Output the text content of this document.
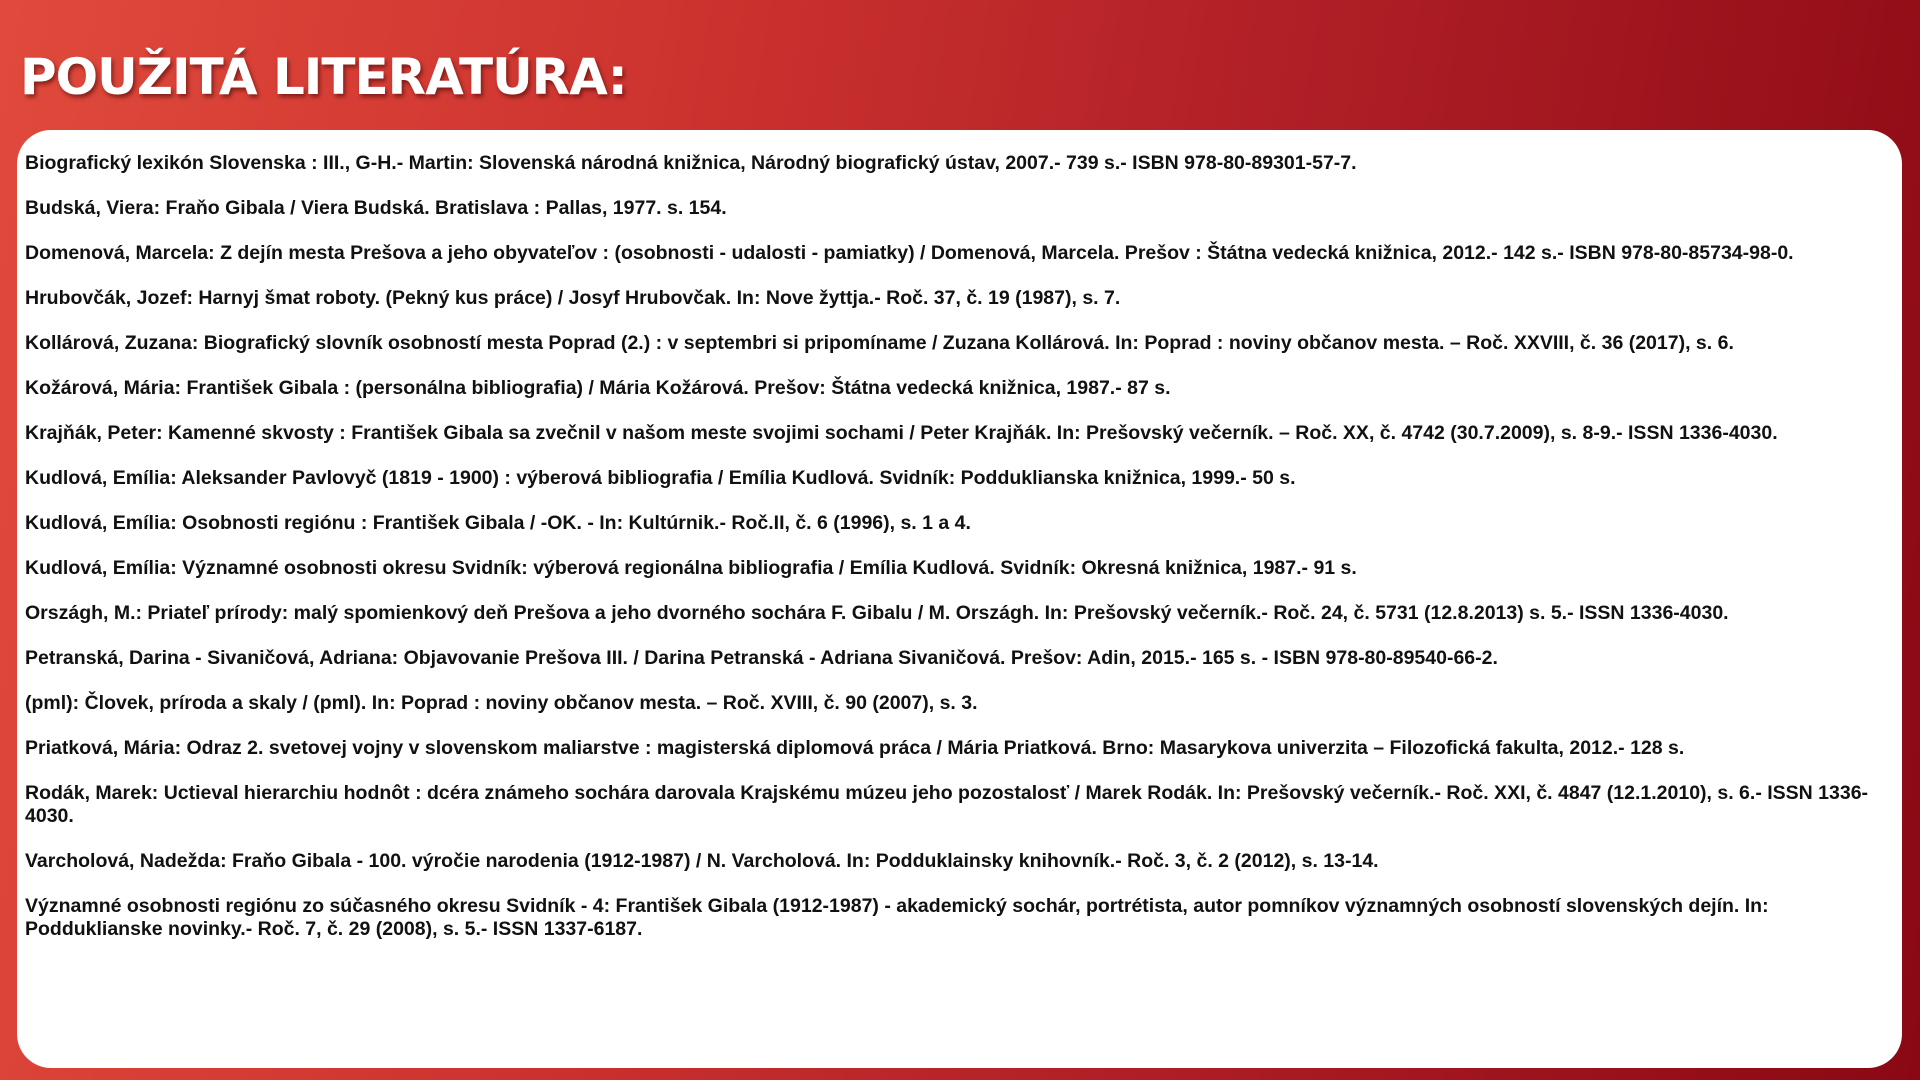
POUŽITÁ LITERATÚRA:
Biografický lexikón Slovenska : III., G-H.- Martin: Slovenská národná knižnica, Národný biografický ústav, 2007.- 739 s.- ISBN 978-80-89301-57-7.
Budská, Viera: Fraňo Gibala / Viera Budská. Bratislava : Pallas, 1977. s. 154.
Domenová, Marcela: Z dejín mesta Prešova a jeho obyvateľov : (osobnosti - udalosti - pamiatky) / Domenová, Marcela. Prešov : Štátna vedecká knižnica, 2012.- 142 s.- ISBN 978-80-85734-98-0.
Hrubovčák, Jozef: Harnyj šmat roboty. (Pekný kus práce) / Josyf Hrubovčak. In: Nove žyttja.- Roč. 37, č. 19 (1987), s. 7.
Kollárová, Zuzana: Biografický slovník osobností mesta Poprad (2.) : v septembri si pripomíname / Zuzana Kollárová. In: Poprad : noviny občanov mesta. – Roč. XXVIII, č. 36 (2017), s. 6.
Kožárová, Mária: František Gibala : (personálna bibliografia) / Mária Kožárová. Prešov: Štátna vedecká knižnica, 1987.- 87 s.
Krajňák, Peter: Kamenné skvosty : František Gibala sa zvečnil v našom meste svojimi sochami / Peter Krajňák. In: Prešovský večerník. – Roč. XX, č. 4742 (30.7.2009), s. 8-9.- ISSN 1336-4030.
Kudlová, Emília: Aleksander Pavlovyč (1819 - 1900) : výberová bibliografia / Emília Kudlová. Svidník: Podduklianska knižnica, 1999.- 50 s.
Kudlová, Emília: Osobnosti regiónu : František Gibala / -OK. - In: Kultúrnik.- Roč.II, č. 6 (1996), s. 1 a 4.
Kudlová, Emília: Významné osobnosti okresu Svidník: výberová regionálna bibliografia / Emília Kudlová. Svidník: Okresná knižnica, 1987.- 91 s.
Országh, M.: Priateľ prírody: malý spomienkový deň Prešova a jeho dvorného sochára F. Gibalu / M. Országh. In: Prešovský večerník.- Roč. 24, č. 5731 (12.8.2013) s. 5.- ISSN 1336-4030.
Petranská, Darina - Sivaničová, Adriana: Objavovanie Prešova III. / Darina Petranská - Adriana Sivaničová. Prešov: Adin, 2015.- 165 s. - ISBN 978-80-89540-66-2.
(pml): Človek, príroda a skaly / (pml). In: Poprad : noviny občanov mesta. – Roč. XVIII, č. 90 (2007), s. 3.
Priatková, Mária: Odraz 2. svetovej vojny v slovenskom maliarstve : magisterská diplomová práca / Mária Priatková. Brno: Masarykova univerzita – Filozofická fakulta, 2012.- 128 s.
Rodák, Marek: Uctieval hierarchiu hodnôt : dcéra známeho sochára darovala Krajskému múzeu jeho pozostalosť / Marek Rodák. In: Prešovský večerník.- Roč. XXI, č. 4847 (12.1.2010), s. 6.- ISSN 1336-4030.
Varcholová, Nadežda: Fraňo Gibala - 100. výročie narodenia (1912-1987) / N. Varcholová. In: Podduklainsky knihovník.- Roč. 3, č. 2 (2012), s. 13-14.
Významné osobnosti regiónu zo súčasného okresu Svidník - 4: František Gibala (1912-1987) - akademický sochár, portrétista, autor pomníkov významných osobností slovenských dejín. In: Podduklianske novinky.- Roč. 7, č. 29 (2008), s. 5.- ISSN 1337-6187.
